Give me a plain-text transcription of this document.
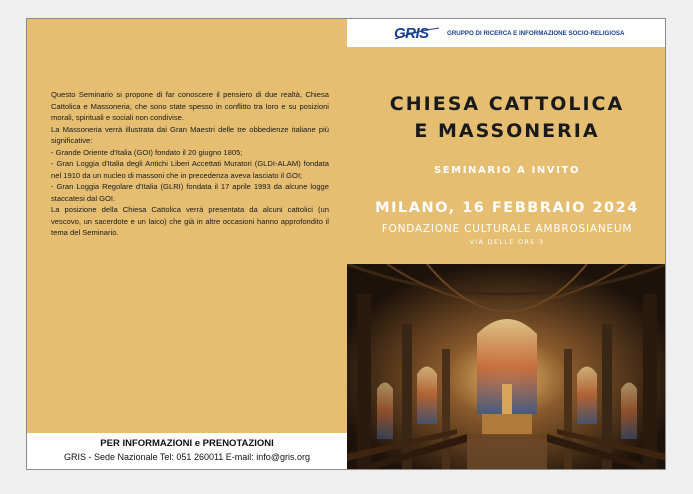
Questo Seminario si propone di far conoscere il pensiero di due realtà, Chiesa Cattolica e Massoneria, che sono state spesso in conflitto tra loro e su posizioni morali, spirituali e sociali non condivise.

La Massoneria verrà illustrata dai Gran Maestri delle tre obbedienze italiane più significative:

- Grande Oriente d'Italia (GOI) fondato il 20 giugno 1805;

- Gran Loggia d'Italia degli Antichi Liberi Accettati Muratori (GLDI-ALAM) fondata nel 1910 da un nucleo di massoni che in precedenza aveva lasciato il GOI;

- Gran Loggia Regolare d'Italia (GLRI) fondata il 17 aprile 1993 da alcune logge staccatesi dal GOI.

La posizione della Chiesa Cattolica verrà presentata da alcuni cattolici (un vescovo, un sacerdote e un laico) che già in altre occasioni hanno approfondito il tema del Seminario.

PER INFORMAZIONI e PRENOTAZIONI
GRIS - Sede Nazionale Tel: 051 260011 E-mail: info@gris.org
GRIS	GRUPPO DI RICERCA E INFORMAZIONE SOCIO-RELIGIOSA
CHIESA CATTOLICA
E MASSONERIA
SEMINARIO A INVITO
MILANO, 16 FEBBRAIO 2024
FONDAZIONE CULTURALE AMBROSIANEUM
VIA DELLE ORE 3
